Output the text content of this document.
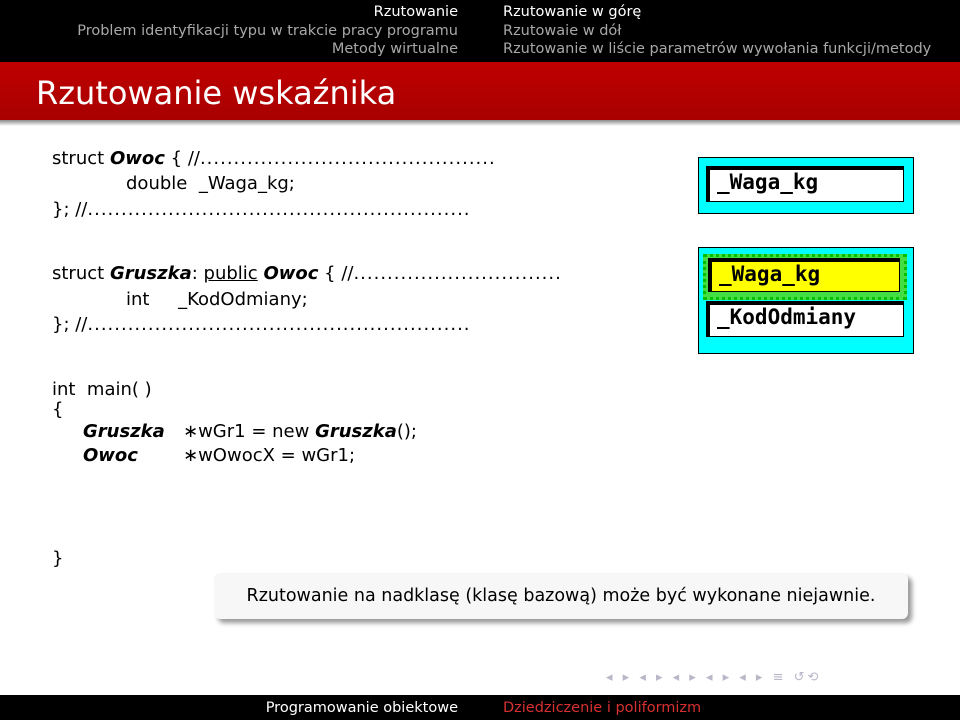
Rzutowanie
Problem identyfikacji typu w trakcie pracy programu
Metody wirtualne
Rzutowanie w górę
Rzutowaie w dół
Rzutowanie w liście parametrów wywołania funkcji/metody
Rzutowanie wskaźnika
struct Owoc { //............................................
double _Waga_kg;
}; //.........................................................
_Waga_kg
struct Gruszka: public Owoc { //...............................
int _KodOdmiany;
}; //.........................................................
_Waga_kg
_KodOdmiany
int main( )
{
Gruszka ∗wGr1 = new Gruszka();
Owoc	∗wOwocX = wGr1;
}
Rzutowanie na nadklasę (klasę bazową) może być wykonane niejawnie.
◂ ▸ ◂ ▸ ◂ ▸ ◂ ▸ ◂ ▸ ≡ ↺⟲
Programowanie obiektowe	Dziedziczenie i poliformizm
